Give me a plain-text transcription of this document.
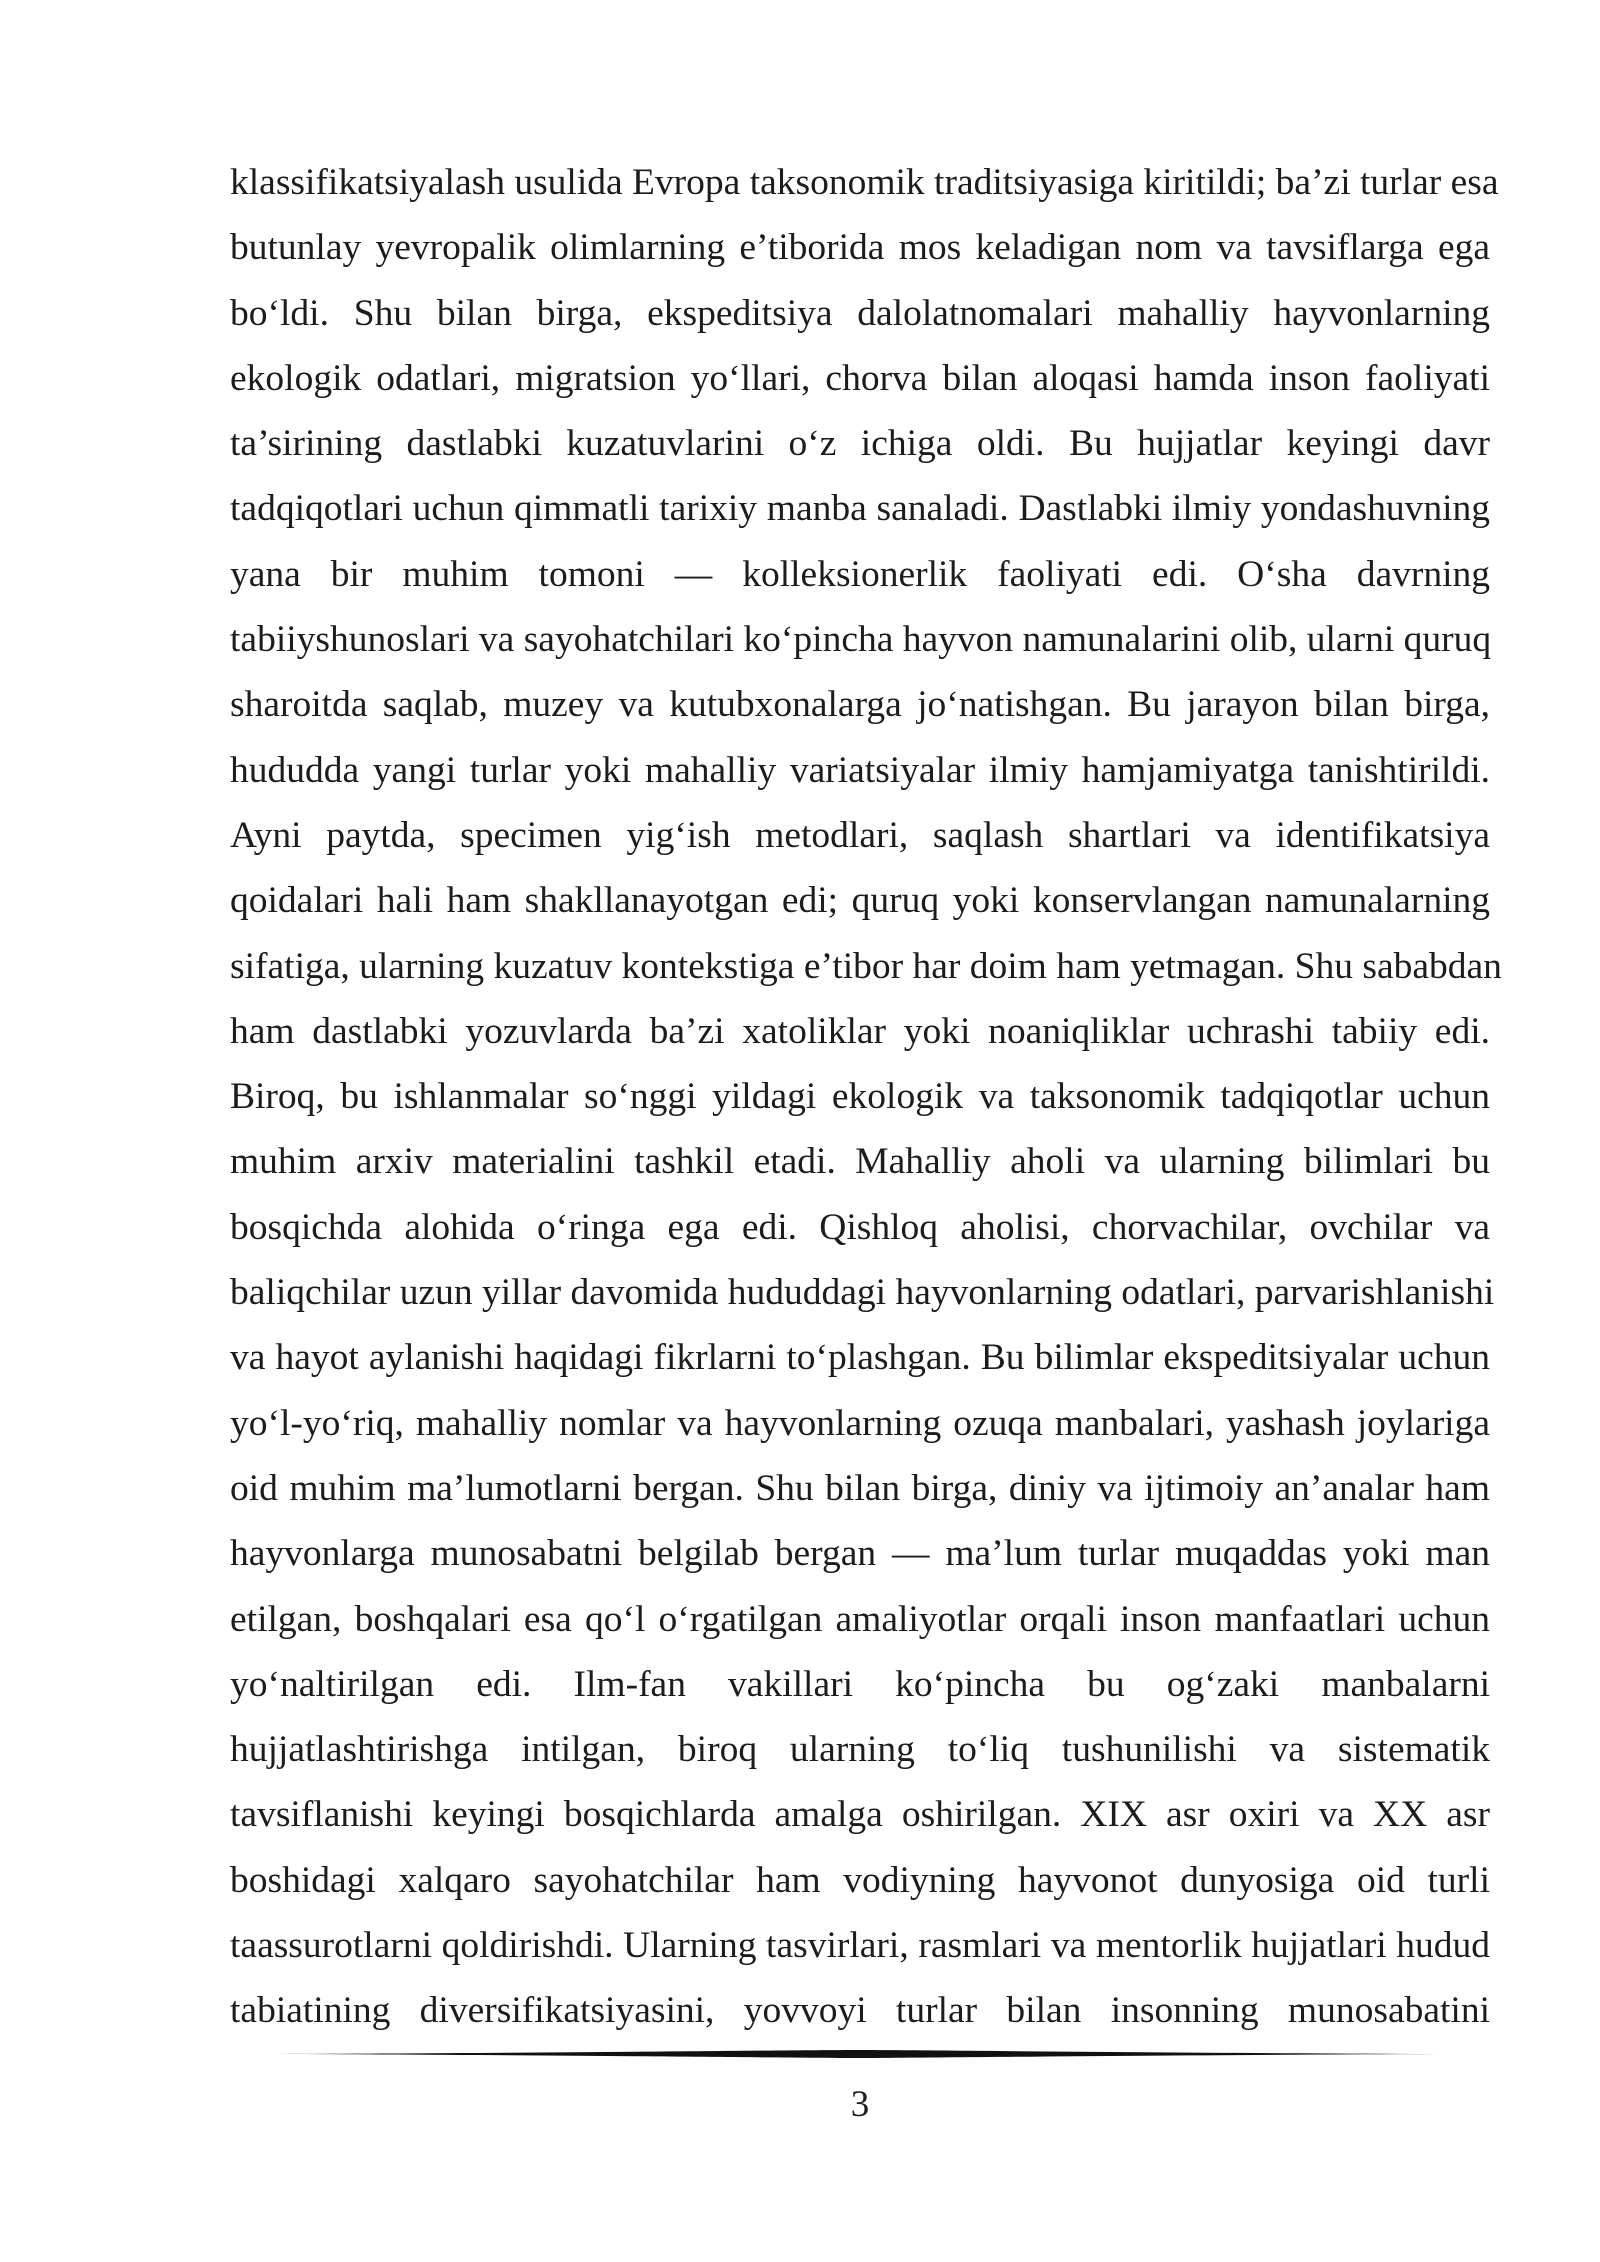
klassifikatsiyalash usulida Evropa taksonomik traditsiyasiga kiritildi; ba’zi turlar esa
butunlay yevropalik olimlarning e’tiborida mos keladigan nom va tavsiflarga ega
bo‘ldi. Shu bilan birga, ekspeditsiya dalolatnomalari mahalliy hayvonlarning
ekologik odatlari, migratsion yo‘llari, chorva bilan aloqasi hamda inson faoliyati
ta’sirining dastlabki kuzatuvlarini o‘z ichiga oldi. Bu hujjatlar keyingi davr
tadqiqotlari uchun qimmatli tarixiy manba sanaladi. Dastlabki ilmiy yondashuvning
yana bir muhim tomoni — kolleksionerlik faoliyati edi. O‘sha davrning
tabiiyshunoslari va sayohatchilari ko‘pincha hayvon namunalarini olib, ularni quruq
sharoitda saqlab, muzey va kutubxonalarga jo‘natishgan. Bu jarayon bilan birga,
hududda yangi turlar yoki mahalliy variatsiyalar ilmiy hamjamiyatga tanishtirildi.
Ayni paytda, specimen yig‘ish metodlari, saqlash shartlari va identifikatsiya
qoidalari hali ham shakllanayotgan edi; quruq yoki konservlangan namunalarning
sifatiga, ularning kuzatuv kontekstiga e’tibor har doim ham yetmagan. Shu sababdan
ham dastlabki yozuvlarda ba’zi xatoliklar yoki noaniqliklar uchrashi tabiiy edi.
Biroq, bu ishlanmalar so‘nggi yildagi ekologik va taksonomik tadqiqotlar uchun
muhim arxiv materialini tashkil etadi. Mahalliy aholi va ularning bilimlari bu
bosqichda alohida o‘ringa ega edi. Qishloq aholisi, chorvachilar, ovchilar va
baliqchilar uzun yillar davomida hududdagi hayvonlarning odatlari, parvarishlanishi
va hayot aylanishi haqidagi fikrlarni to‘plashgan. Bu bilimlar ekspeditsiyalar uchun
yo‘l-yo‘riq, mahalliy nomlar va hayvonlarning ozuqa manbalari, yashash joylariga
oid muhim ma’lumotlarni bergan. Shu bilan birga, diniy va ijtimoiy an’analar ham
hayvonlarga munosabatni belgilab bergan — ma’lum turlar muqaddas yoki man
etilgan, boshqalari esa qo‘l o‘rgatilgan amaliyotlar orqali inson manfaatlari uchun
yo‘naltirilgan edi. Ilm-fan vakillari ko‘pincha bu og‘zaki manbalarni
hujjatlashtirishga intilgan, biroq ularning to‘liq tushunilishi va sistematik
tavsiflanishi keyingi bosqichlarda amalga oshirilgan. XIX asr oxiri va XX asr
boshidagi xalqaro sayohatchilar ham vodiyning hayvonot dunyosiga oid turli
taassurotlarni qoldirishdi. Ularning tasvirlari, rasmlari va mentorlik hujjatlari hudud
tabiatining diversifikatsiyasini, yovvoyi turlar bilan insonning munosabatini

3
